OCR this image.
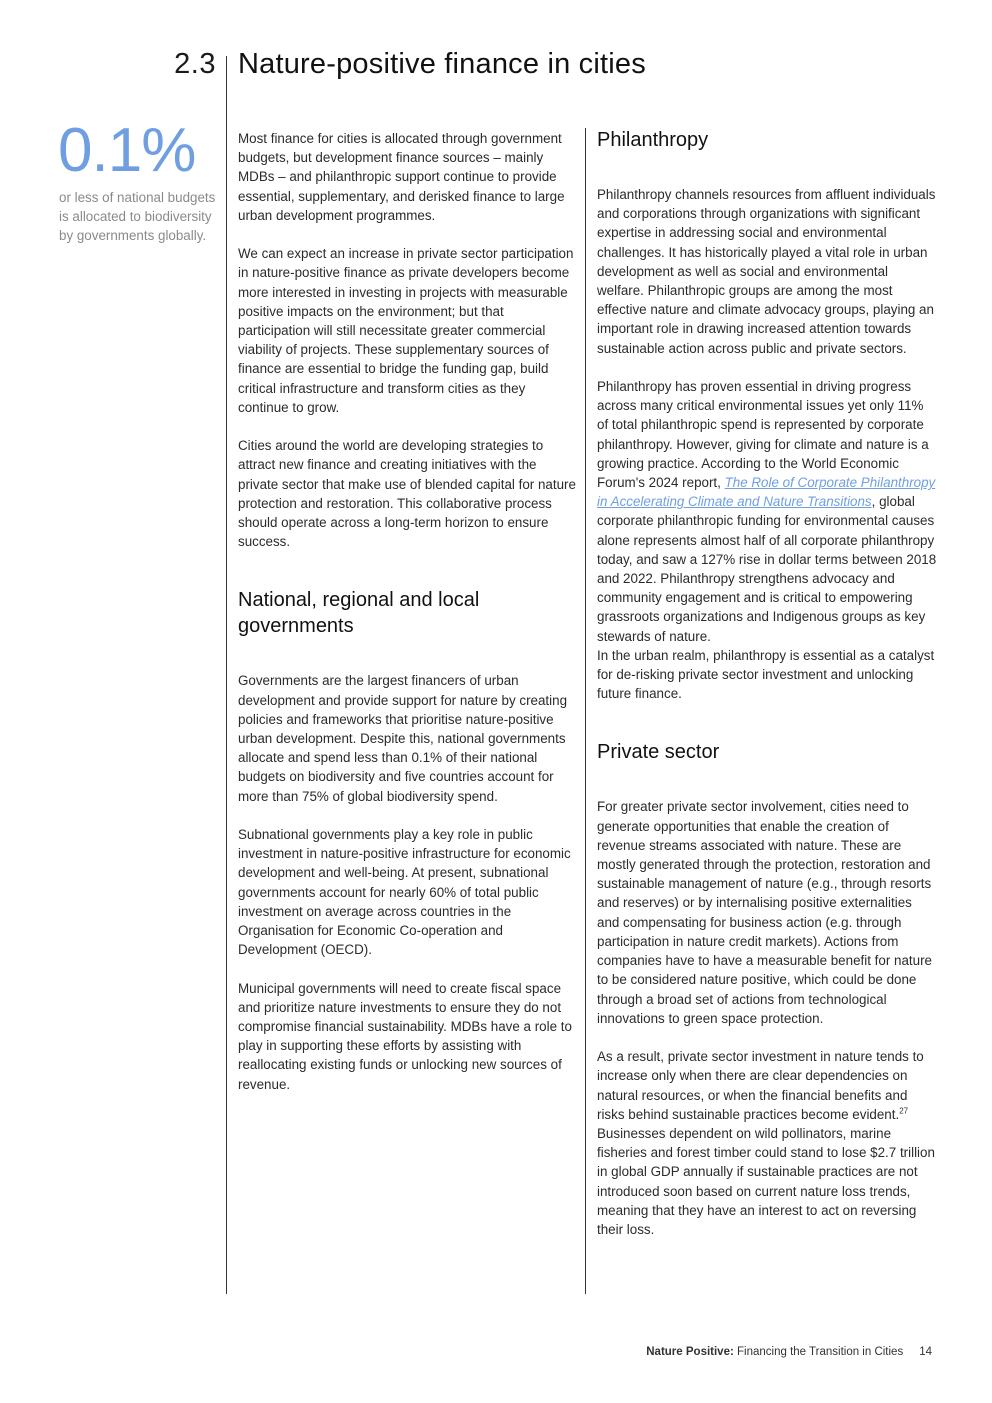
2.3 Nature-positive finance in cities
0.1%
or less of national budgets is allocated to biodiversity by governments globally.

Most finance for cities is allocated through government budgets, but development finance sources – mainly MDBs – and philanthropic support continue to provide essential, supplementary, and derisked finance to large urban development programmes.

We can expect an increase in private sector participation in nature-positive finance as private developers become more interested in investing in projects with measurable positive impacts on the environment; but that participation will still necessitate greater commercial viability of projects. These supplementary sources of finance are essential to bridge the funding gap, build critical infrastructure and transform cities as they continue to grow.

Cities around the world are developing strategies to attract new finance and creating initiatives with the private sector that make use of blended capital for nature protection and restoration. This collaborative process should operate across a long-term horizon to ensure success.

National, regional and local governments

Governments are the largest financers of urban development and provide support for nature by creating policies and frameworks that prioritise nature-positive urban development. Despite this, national governments allocate and spend less than 0.1% of their national budgets on biodiversity and five countries account for more than 75% of global biodiversity spend.

Subnational governments play a key role in public investment in nature-positive infrastructure for economic development and well-being. At present, subnational governments account for nearly 60% of total public investment on average across countries in the Organisation for Economic Co-operation and Development (OECD).

Municipal governments will need to create fiscal space and prioritize nature investments to ensure they do not compromise financial sustainability. MDBs have a role to play in supporting these efforts by assisting with reallocating existing funds or unlocking new sources of revenue.

Philanthropy

Philanthropy channels resources from affluent individuals and corporations through organizations with significant expertise in addressing social and environmental challenges. It has historically played a vital role in urban development as well as social and environmental welfare. Philanthropic groups are among the most effective nature and climate advocacy groups, playing an important role in drawing increased attention towards sustainable action across public and private sectors.

Philanthropy has proven essential in driving progress across many critical environmental issues yet only 11% of total philanthropic spend is represented by corporate philanthropy. However, giving for climate and nature is a growing practice. According to the World Economic Forum's 2024 report, The Role of Corporate Philanthropy in Accelerating Climate and Nature Transitions, global corporate philanthropic funding for environmental causes alone represents almost half of all corporate philanthropy today, and saw a 127% rise in dollar terms between 2018 and 2022. Philanthropy strengthens advocacy and community engagement and is critical to empowering grassroots organizations and Indigenous groups as key stewards of nature.

In the urban realm, philanthropy is essential as a catalyst for de-risking private sector investment and unlocking future finance.

Private sector

For greater private sector involvement, cities need to generate opportunities that enable the creation of revenue streams associated with nature. These are mostly generated through the protection, restoration and sustainable management of nature (e.g., through resorts and reserves) or by internalising positive externalities and compensating for business action (e.g. through participation in nature credit markets). Actions from companies have to have a measurable benefit for nature to be considered nature positive, which could be done through a broad set of actions from technological innovations to green space protection.

As a result, private sector investment in nature tends to increase only when there are clear dependencies on natural resources, or when the financial benefits and risks behind sustainable practices become evident.$^{27}$ Businesses dependent on wild pollinators, marine fisheries and forest timber could stand to lose $2.7 trillion in global GDP annually if sustainable practices are not introduced soon based on current nature loss trends, meaning that they have an interest to act on reversing their loss.

Nature Positive: Financing the Transition in Cities 14
